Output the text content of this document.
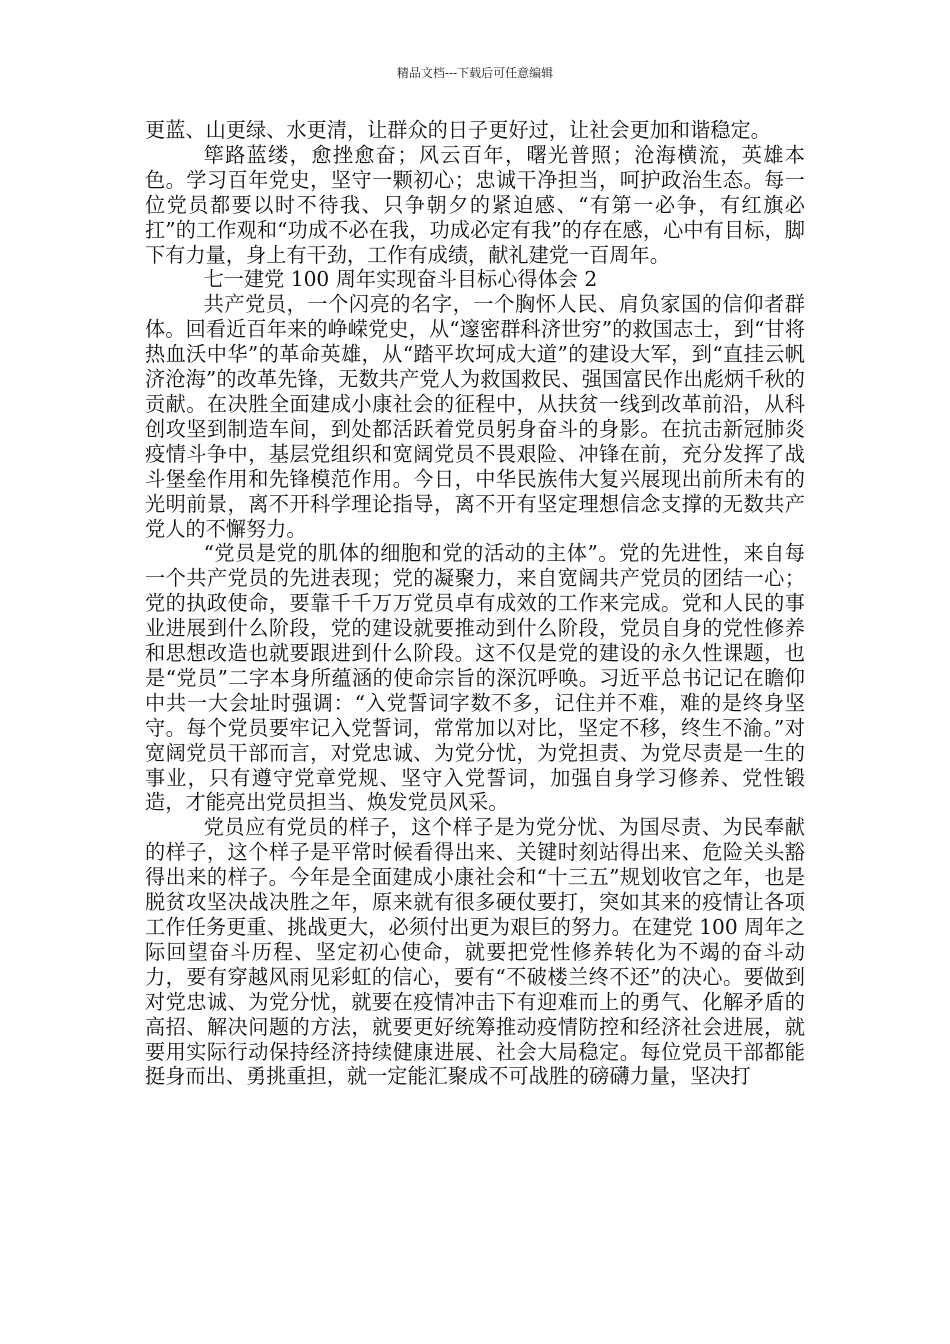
精品文档---下载后可任意编辑

更蓝、山更绿、水更清，让群众的日子更好过，让社会更加和谐稳定。

筚路蓝缕，愈挫愈奋；风云百年，曙光普照；沧海横流，英雄本色。学习百年党史，坚守一颗初心；忠诚干净担当，呵护政治生态。每一位党员都要以时不待我、只争朝夕的紧迫感、“有第一必争，有红旗必扛”的工作观和“功成不必在我，功成必定有我”的存在感，心中有目标，脚下有力量，身上有干劲，工作有成绩，献礼建党一百周年。

七一建党 100 周年实现奋斗目标心得体会 2

共产党员，一个闪亮的名字，一个胸怀人民、肩负家国的信仰者群体。回看近百年来的峥嵘党史，从“邃密群科济世穷”的救国志士，到“甘将热血沃中华”的革命英雄，从“踏平坎坷成大道”的建设大军，到“直挂云帆济沧海”的改革先锋，无数共产党人为救国救民、强国富民作出彪炳千秋的贡献。在决胜全面建成小康社会的征程中，从扶贫一线到改革前沿，从科创攻坚到制造车间，到处都活跃着党员躬身奋斗的身影。在抗击新冠肺炎疫情斗争中，基层党组织和宽阔党员不畏艰险、冲锋在前，充分发挥了战斗堡垒作用和先锋模范作用。今日，中华民族伟大复兴展现出前所未有的光明前景，离不开科学理论指导，离不开有坚定理想信念支撑的无数共产党人的不懈努力。

“党员是党的肌体的细胞和党的活动的主体”。党的先进性，来自每一个共产党员的先进表现；党的凝聚力，来自宽阔共产党员的团结一心；党的执政使命，要靠千千万万党员卓有成效的工作来完成。党和人民的事业进展到什么阶段，党的建设就要推动到什么阶段，党员自身的党性修养和思想改造也就要跟进到什么阶段。这不仅是党的建设的永久性课题，也是“党员”二字本身所蕴涵的使命宗旨的深沉呼唤。习近平总书记记在瞻仰中共一大会址时强调：“入党誓词字数不多，记住并不难，难的是终身坚守。每个党员要牢记入党誓词，常常加以对比，坚定不移，终生不渝。”对宽阔党员干部而言，对党忠诚、为党分忧，为党担责、为党尽责是一生的事业，只有遵守党章党规、坚守入党誓词，加强自身学习修养、党性锻造，才能亮出党员担当、焕发党员风采。

党员应有党员的样子，这个样子是为党分忧、为国尽责、为民奉献的样子，这个样子是平常时候看得出来、关键时刻站得出来、危险关头豁得出来的样子。今年是全面建成小康社会和“十三五”规划收官之年，也是脱贫攻坚决战决胜之年，原来就有很多硬仗要打，突如其来的疫情让各项工作任务更重、挑战更大，必须付出更为艰巨的努力。在建党 100 周年之际回望奋斗历程、坚定初心使命，就要把党性修养转化为不竭的奋斗动力，要有穿越风雨见彩虹的信心，要有“不破楼兰终不还”的决心。要做到对党忠诚、为党分忧，就要在疫情冲击下有迎难而上的勇气、化解矛盾的高招、解决问题的方法，就要更好统筹推动疫情防控和经济社会进展，就要用实际行动保持经济持续健康进展、社会大局稳定。每位党员干部都能挺身而出、勇挑重担，就一定能汇聚成不可战胜的磅礴力量，坚决打
